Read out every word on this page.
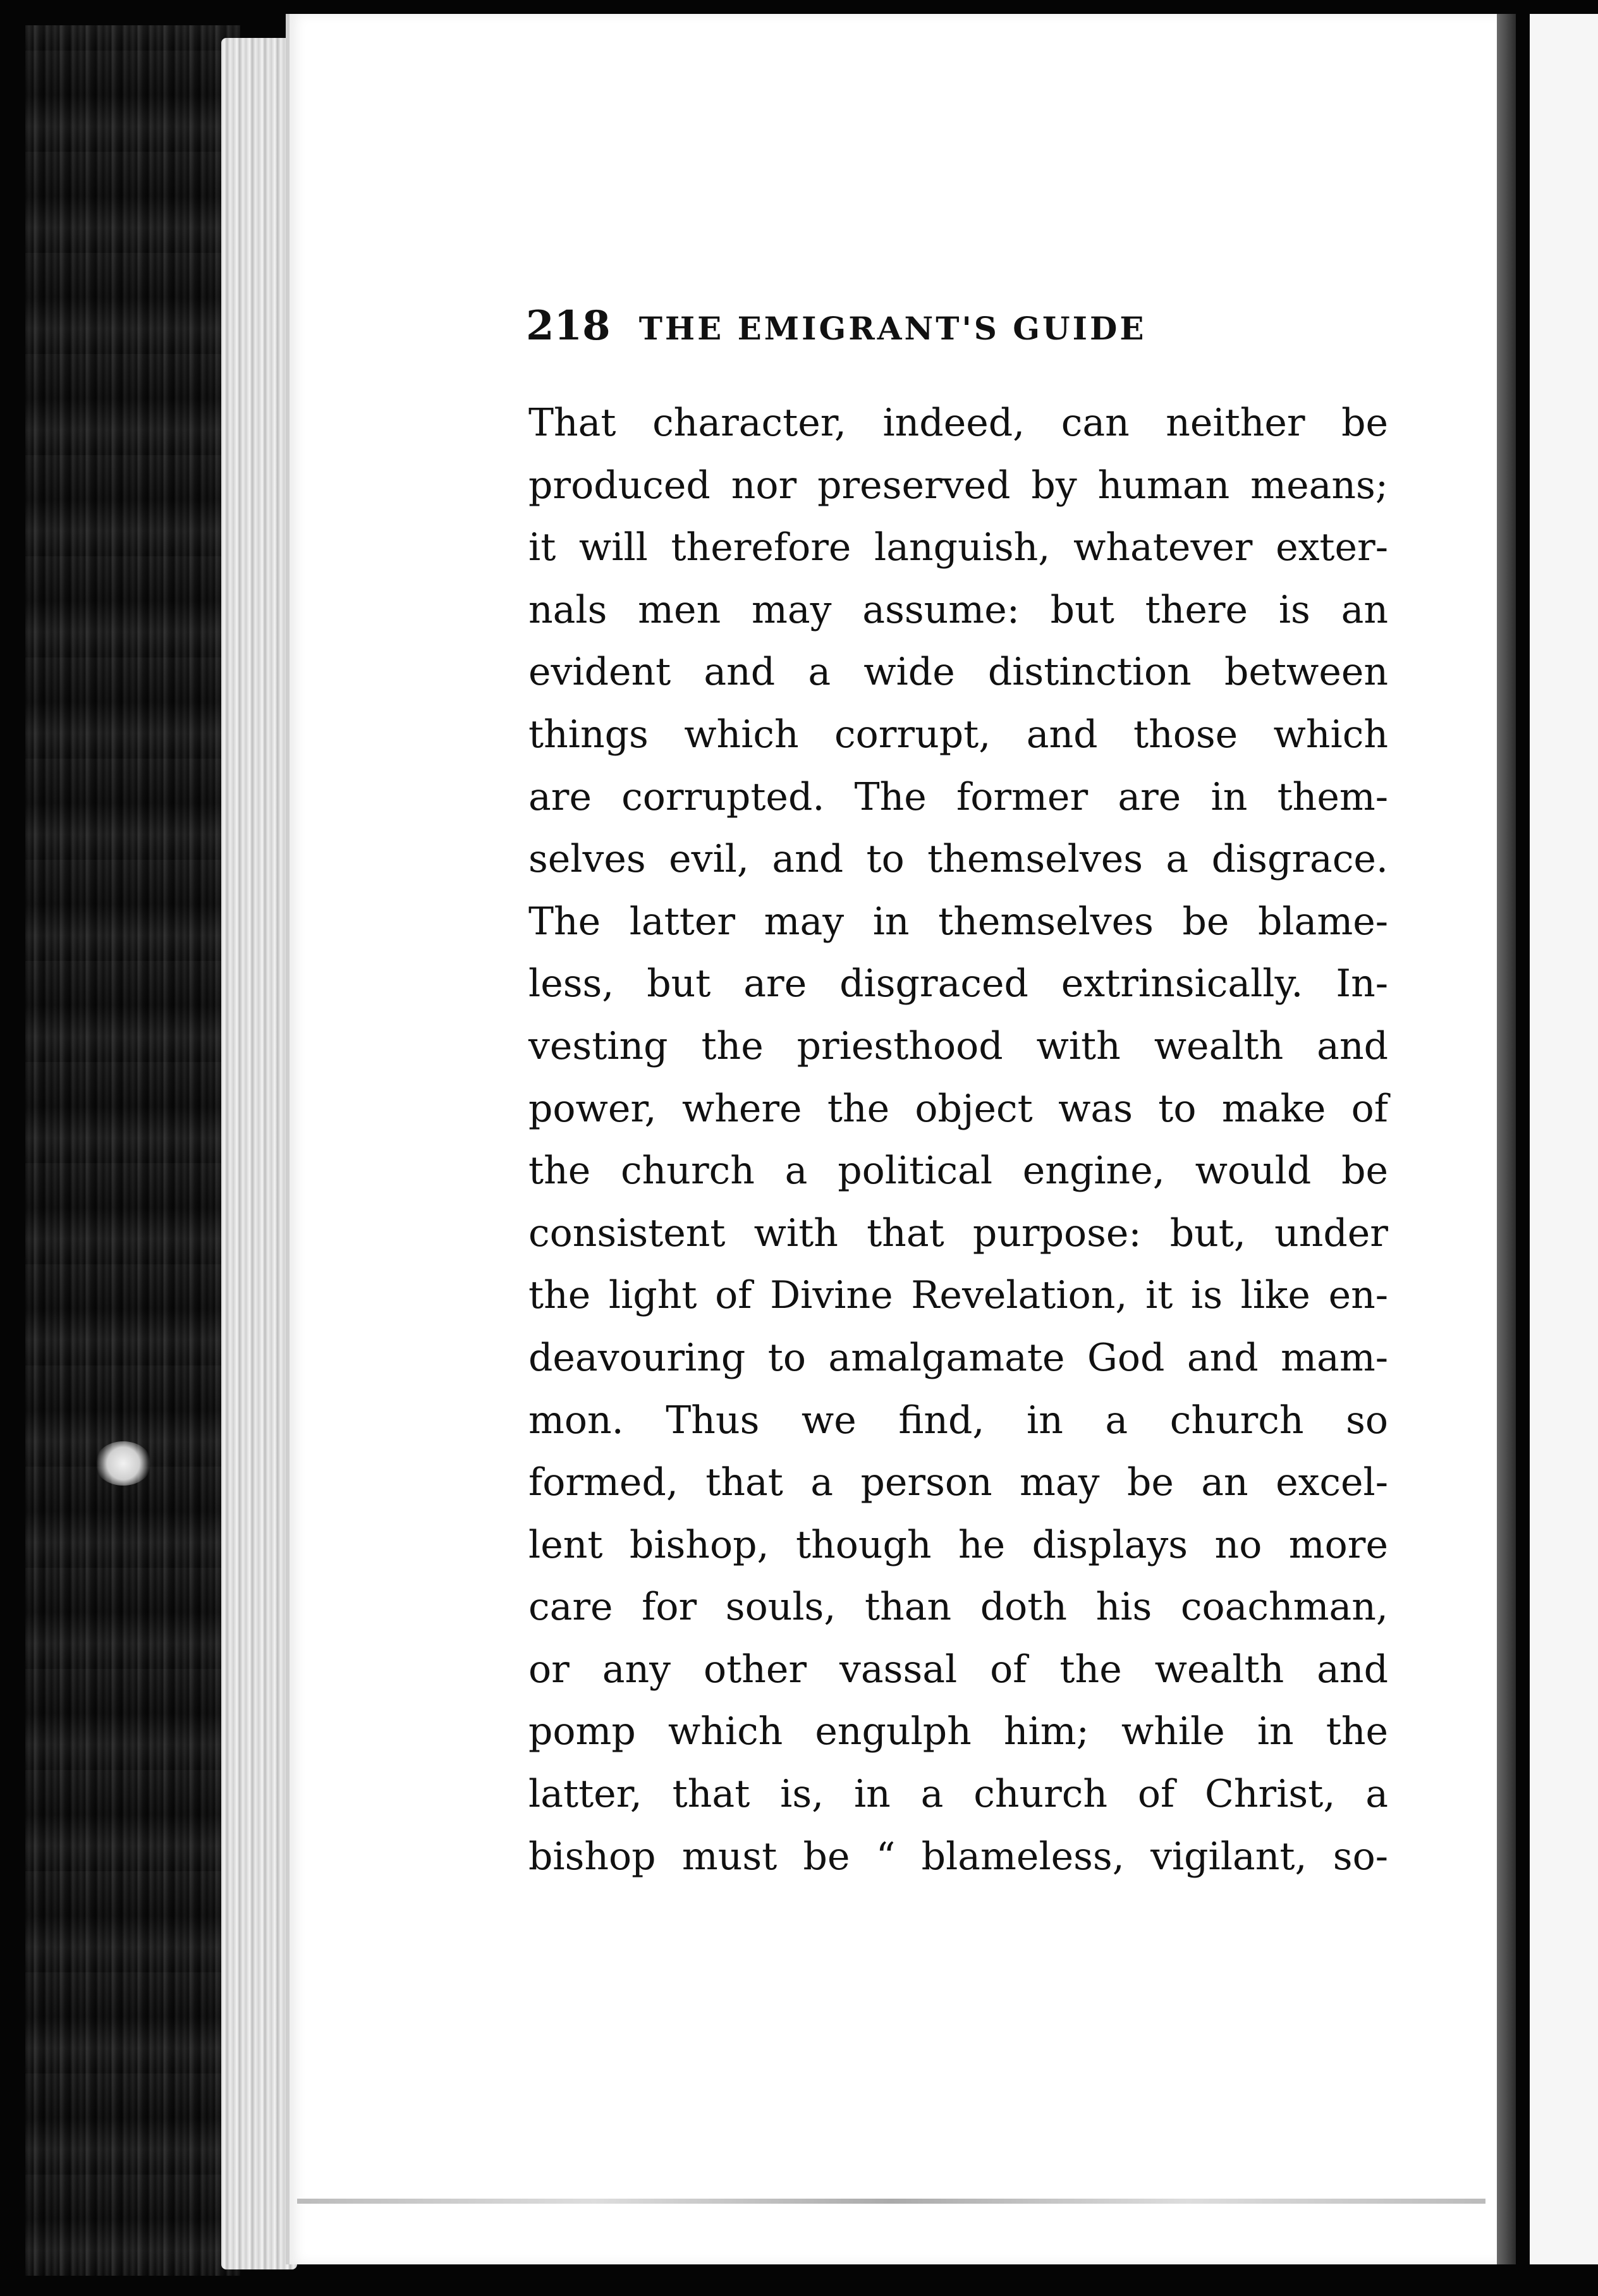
218 THE EMIGRANT'S GUIDE
That character, indeed, can neither be
produced nor preserved by human means;
it will therefore languish, whatever exter-
nals men may assume: but there is an
evident and a wide distinction between
things which corrupt, and those which
are corrupted. The former are in them-
selves evil, and to themselves a disgrace.
The latter may in themselves be blame-
less, but are disgraced extrinsically. In-
vesting the priesthood with wealth and
power, where the object was to make of
the church a political engine, would be
consistent with that purpose: but, under
the light of Divine Revelation, it is like en-
deavouring to amalgamate God and mam-
mon. Thus we find, in a church so
formed, that a person may be an excel-
lent bishop, though he displays no more
care for souls, than doth his coachman,
or any other vassal of the wealth and
pomp which engulph him; while in the
latter, that is, in a church of Christ, a
bishop must be “ blameless, vigilant, so-
